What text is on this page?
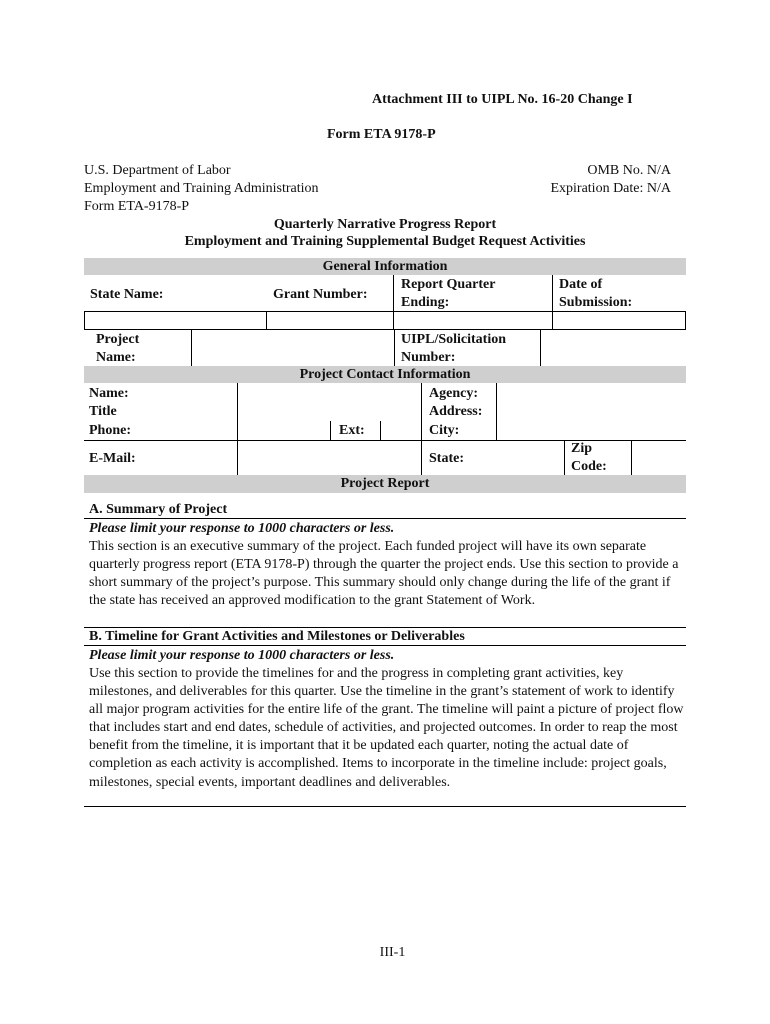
Attachment III to UIPL No. 16-20 Change I
Form ETA 9178-P
U.S. Department of Labor
Employment and Training Administration
Form ETA-9178-P
OMB No. N/A
Expiration Date: N/A
Quarterly Narrative Progress Report
Employment and Training Supplemental Budget Request Activities
General Information
State Name:	Grant Number:
Report Quarter
Ending:
Date of
Submission:
Project
Name:
UIPL/Solicitation
Number:
Project Contact Information
Name:
Title
Phone:	Ext:
E-Mail:
Agency:
Address:
City:
State:
Zip
Code:
Project Report
A. Summary of Project
Please limit your response to 1000 characters or less.
This section is an executive summary of the project. Each funded project will have its own separate quarterly progress report (ETA 9178-P) through the quarter the project ends. Use this section to provide a short summary of the project’s purpose. This summary should only change during the life of the grant if the state has received an approved modification to the grant Statement of Work.
B. Timeline for Grant Activities and Milestones or Deliverables
Please limit your response to 1000 characters or less.
Use this section to provide the timelines for and the progress in completing grant activities, key milestones, and deliverables for this quarter. Use the timeline in the grant’s statement of work to identify all major program activities for the entire life of the grant. The timeline will paint a picture of project flow that includes start and end dates, schedule of activities, and projected outcomes. In order to reap the most benefit from the timeline, it is important that it be updated each quarter, noting the actual date of completion as each activity is accomplished. Items to incorporate in the timeline include: project goals, milestones, special events, important deadlines and deliverables.
III-1
